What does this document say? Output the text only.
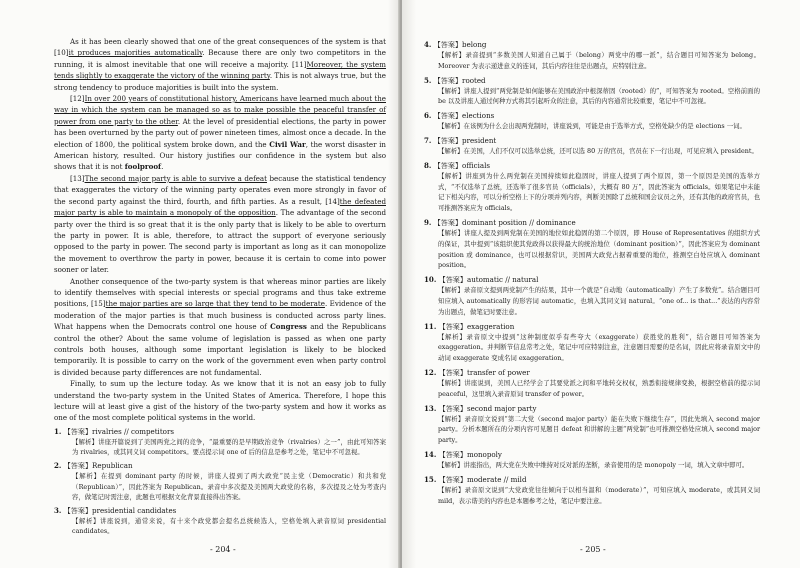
As it has been clearly showed that one of the great consequences of the system is that [10]it produces majorities automatically. Because there are only two competitors in the running, it is almost inevitable that one will receive a majority. [11]Moreover, the system tends slightly to exaggerate the victory of the winning party. This is not always true, but the strong tendency to produce majorities is built into the system.

[12]In over 200 years of constitutional history, Americans have learned much about the way in which the system can be managed so as to make possible the peaceful transfer of power from one party to the other. At the level of presidential elections, the party in power has been overturned by the party out of power nineteen times, almost once a decade. In the election of 1800, the political system broke down, and the Civil War, the worst disaster in American history, resulted. Our history justifies our confidence in the system but also shows that it is not foolproof.

[13]The second major party is able to survive a defeat because the statistical tendency that exaggerates the victory of the winning party operates even more strongly in favor of the second party against the third, fourth, and fifth parties. As a result, [14]the defeated major party is able to maintain a monopoly of the opposition. The advantage of the second party over the third is so great that it is the only party that is likely to be able to overturn the party in power. It is able, therefore, to attract the support of everyone seriously opposed to the party in power. The second party is important as long as it can monopolize the movement to overthrow the party in power, because it is certain to come into power sooner or later.

Another consequence of the two-party system is that whereas minor parties are likely to identify themselves with special interests or special programs and thus take extreme positions, [15]the major parties are so large that they tend to be moderate. Evidence of the moderation of the major parties is that much business is conducted across party lines. What happens when the Democrats control one house of Congress and the Republicans control the other? About the same volume of legislation is passed as when one party controls both houses, although some important legislation is likely to be blocked temporarily. It is possible to carry on the work of the government even when party control is divided because party differences are not fundamental.

Finally, to sum up the lecture today. As we know that it is not an easy job to fully understand the two-party system in the United States of America. Therefore, I hope this lecture will at least give a gist of the history of the two-party system and how it works as one of the most complete political systems in the world.

1. 【答案】rivalries // competitors
【解析】讲座开篇说到了美国两党之间的竞争，“最重要的是早期政治竞争（rivalries）之一”，由此可知答案为 rivalries，或其同义词 competitors。要点提示词 one of 后的信息是参考之处，笔记中不可忽视。
2. 【答案】Republican
【解析】在提到 dominant party 的时候，讲座人提到了两大政党“民主党（Democratic）和共和党（Republican）”，因此答案为 Republican。录音中多次提及美国两大政党的名称，多次提及之处为考查内容，做笔记时需注意，此题也可根据文化背景直接得出答案。
3. 【答案】presidential candidates
【解析】讲座说到，通常来说，有十来个政党都会提名总统候选人，空格处填入录音原词 presidential candidates。
- 204 -
4. 【答案】belong
【解析】录音提到“多数美国人知道自己属于（belong）两党中的哪一派”，结合题目可知答案为 belong。Moreover 为表示递进意义的连词，其后内容往往是出题点，应特别注意。
5. 【答案】rooted
【解析】讲座人提到“两党制是如何能够在美国政治中根深蒂固（rooted）的”，可知答案为 rooted。空格前面的 be 以及讲座人通过何种方式将其引起听众的注意，其后的内容通常比较重要，笔记中不可忽视。
6. 【答案】elections
【解析】在该例为什么会出现两党制时，讲座说到，可能是由于选举方式，空格处缺少的是 elections 一词。
7. 【答案】president
【解析】在美国，人们不仅可以选举总统，还可以选 80 万的官员，官员在下一行出现，可见应填入 president。
8. 【答案】officials
【解析】讲座到为什么两党制在美国持续如此稳固时，讲座人提到了两个原因，第一个原因是美国的选举方式，“不仅选举了总统，还选举了很多官员（officials），大概有 80 万”，因此答案为 officials。如果笔记中未能记下相关内容，可以分析空格上下的分项并列内容，判断美国除了总统和国会议员之外，还有其他的政府官员，也可推测答案应为 officials。
9. 【答案】dominant position // dominance
【解析】讲座人提及到两党制在美国的地位如此稳固的第二个原因，即 House of Representatives 的组织方式的保证，其中提到“该组织使其党政得以获得最大的统治地位（dominant position）”，因此答案应为 dominant position 或 dominance，也可以根据常识，美国两大政党占据着重要的地位，推测空白处应填入 dominant position。
10. 【答案】automatic // natural
【解析】录音原文提到两党制产生的结果，其中一个就是“自动地（automatically）产生了多数党”。结合题目可知应填入 automatically 的形容词 automatic，也填入其同义词 natural。“one of... is that...”表达的内容常为出题点，做笔记时要注意。
11. 【答案】exaggeration
【解析】录音原文中提到“这种制度似乎有些夸大（exaggerate）获胜党的胜利”，结合题目可知答案为 exaggeration。并判断节信息常考之处，笔记中可应特别注意，注意题目需要的是名词，因此应将录音原文中的动词 exaggerate 变成名词 exaggeration。
12. 【答案】transfer of power
【解析】讲座说到，美国人已经学会了其要党派之间和平地转交权权，熟悉衔接规律变换，根据空格前的提示词 peaceful，这里填入录音原词 transfer of power。
13. 【答案】second major party
【解析】录音原文说到“第二大党（second major party）能在失败下继续生存”，因此先填入 second major party。分析本题所在的分项内容可见题目 defeat 和讲解的主题“两党制”也可推测空格处应填入 second major party。
14. 【答案】monopoly
【解析】讲座指出，两大党在失败中维持对反对派的垄断，录音使用的是 monopoly 一词，填入文章中即可。
15. 【答案】moderate // mild
【解析】录音原文说到“大党政党往往倾向于以相当温和（moderate）”，可知应填入 moderate，或其同义词 mild，表示谐美的内容也是本题参考之处，笔记中要注意。
- 205 -
